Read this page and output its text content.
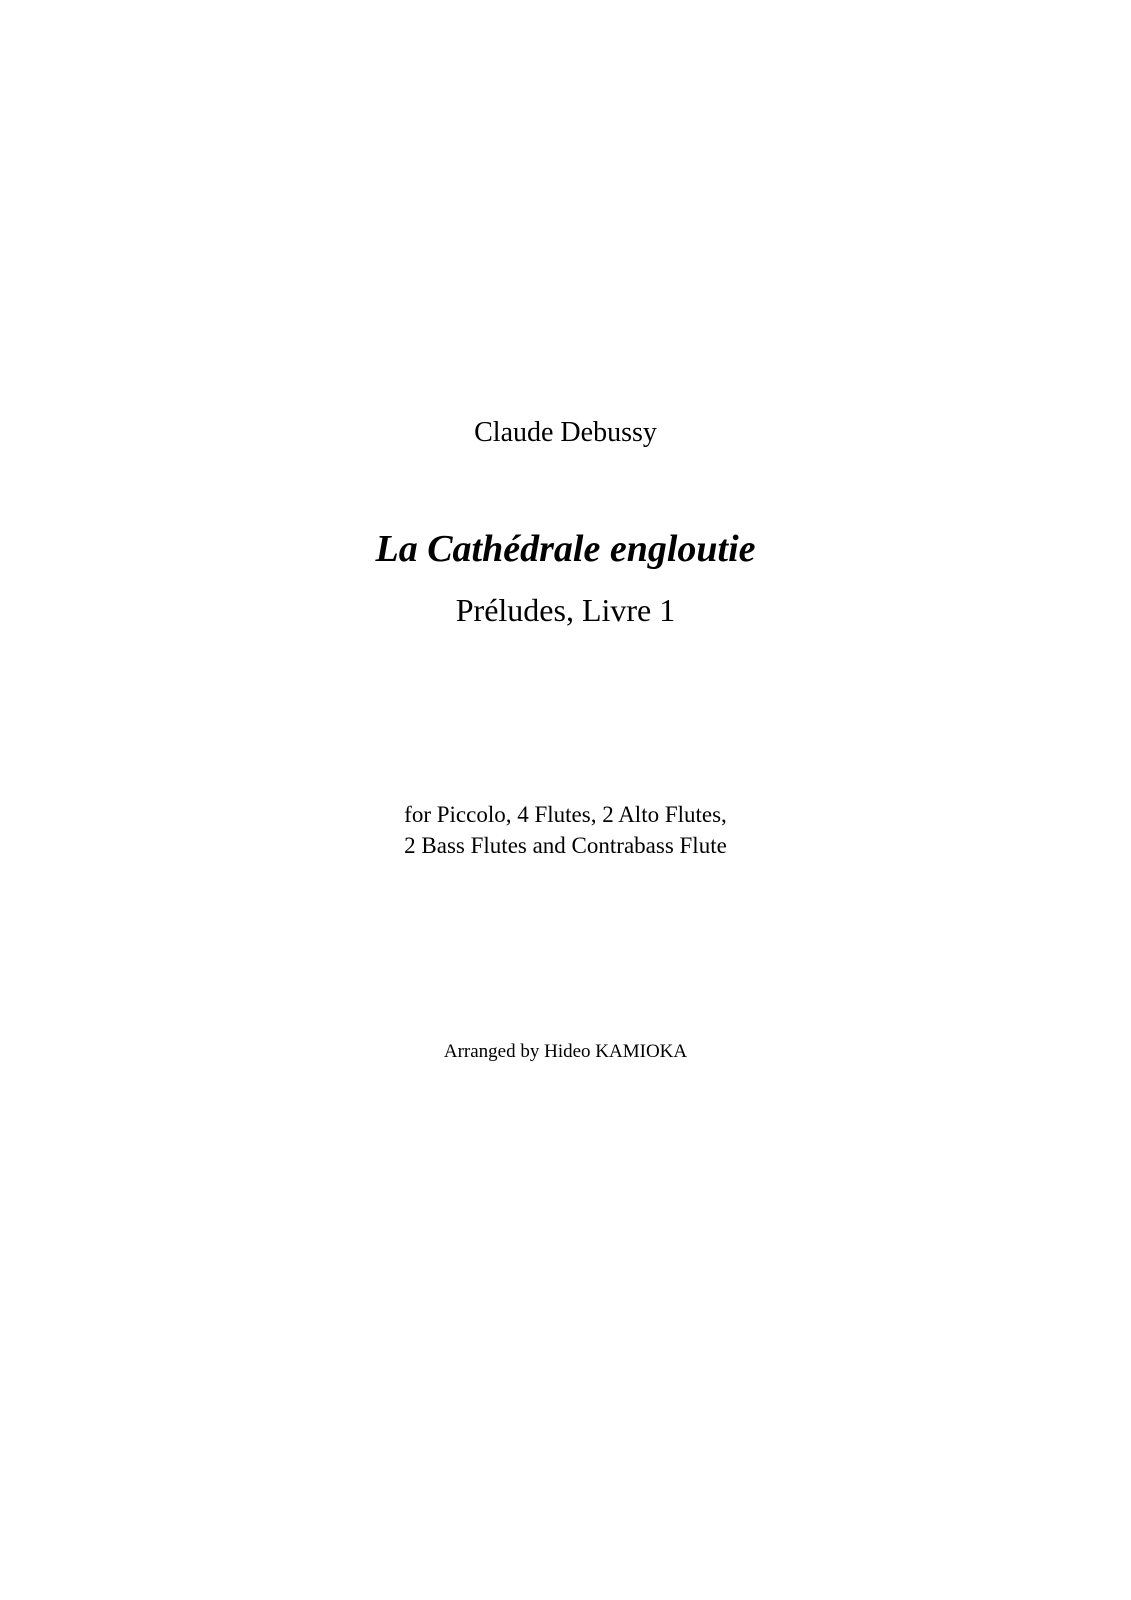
Claude Debussy
La Cathédrale engloutie
Préludes, Livre 1
for Piccolo, 4 Flutes, 2 Alto Flutes,
2 Bass Flutes and Contrabass Flute
Arranged by Hideo KAMIOKA
